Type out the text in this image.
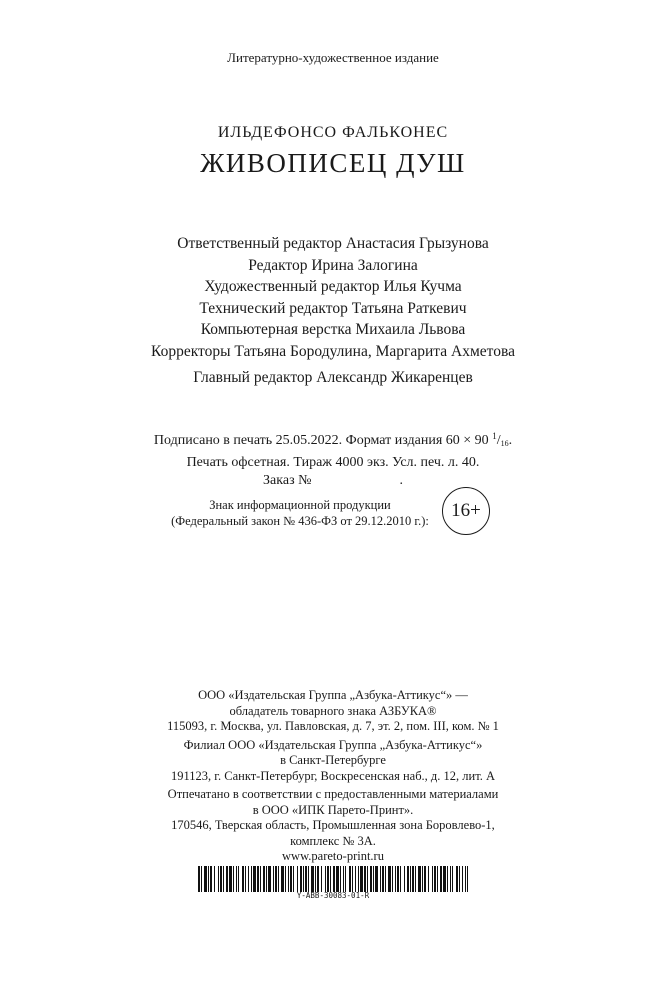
Литературно-художественное издание
ИЛЬДЕФОНСО ФАЛЬКОНЕС
ЖИВОПИСЕЦ ДУШ
Ответственный редактор Анастасия Грызунова
Редактор Ирина Залогина
Художественный редактор Илья Кучма
Технический редактор Татьяна Раткевич
Компьютерная верстка Михаила Львова
Корректоры Татьяна Бородулина, Маргарита Ахметова
Главный редактор Александр Жикаренцев
Подписано в печать 25.05.2022. Формат издания 60 × 90 $^1/_{16}$.
Печать офсетная. Тираж 4000 экз. Усл. печ. л. 40.
Заказ №	.
Знак информационной продукции
(Федеральный закон № 436-ФЗ от 29.12.2010 г.):	16+
ООО «Издательская Группа „Азбука-Аттикус“» —
обладатель товарного знака АЗБУКА®
115093, г. Москва, ул. Павловская, д. 7, эт. 2, пом. III, ком. № 1
Филиал ООО «Издательская Группа „Азбука-Аттикус“»
в Санкт-Петербурге
191123, г. Санкт-Петербург, Воскресенская наб., д. 12, лит. А
Отпечатано в соответствии с предоставленными материалами
в ООО «ИПК Парето-Принт».
170546, Тверская область, Промышленная зона Боровлево-1,
комплекс № 3А.
www.pareto-print.ru
Y-ABB-30083-01-R
